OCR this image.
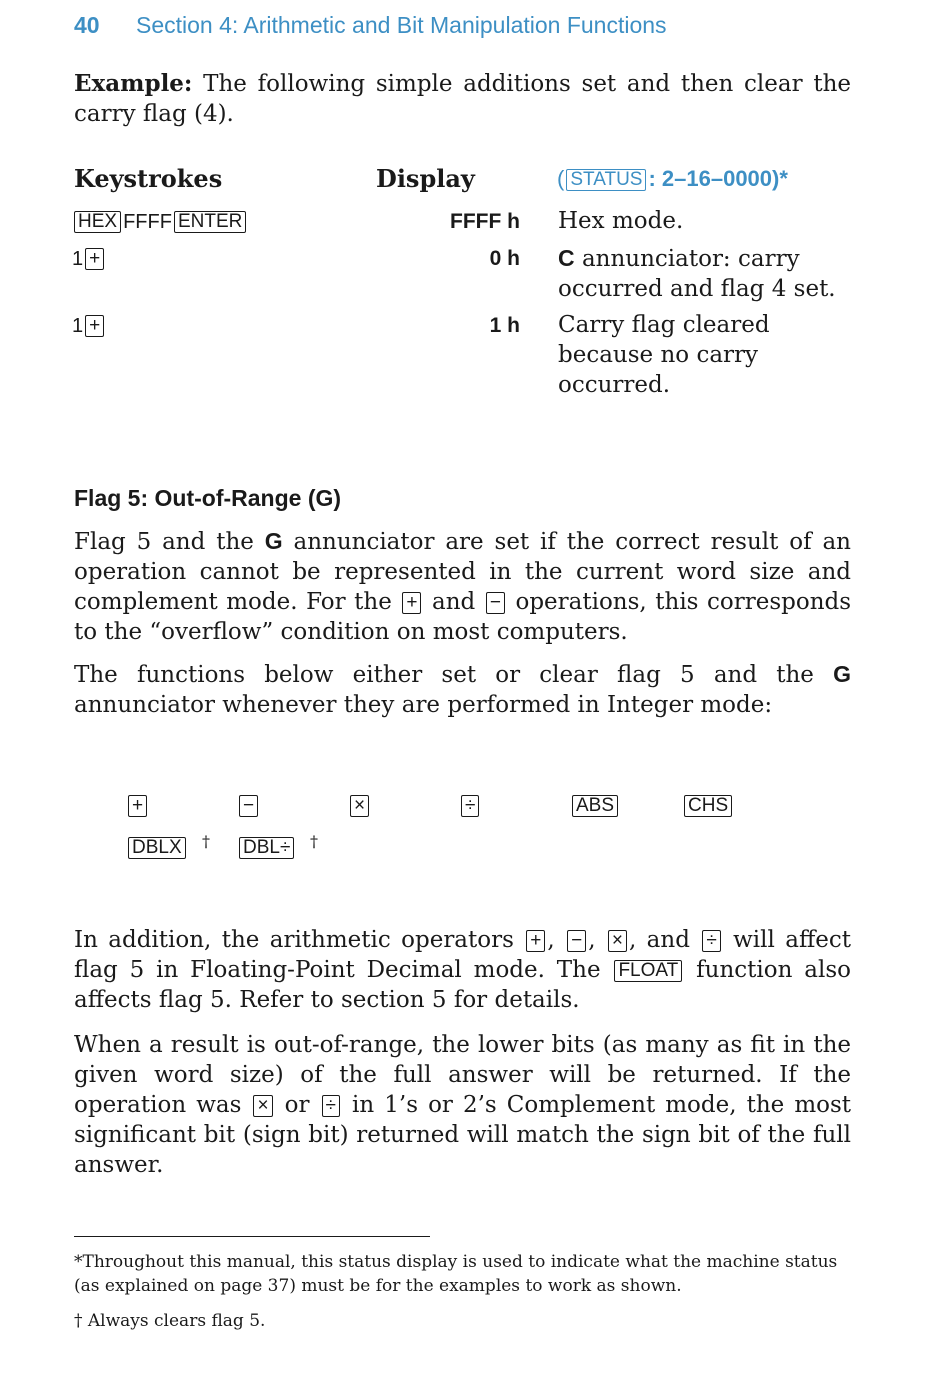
40 Section 4: Arithmetic and Bit Manipulation Functions
Example: The following simple additions set and then clear the carry flag (4).
Keystrokes	Display	( STATUS : 2–16–0000)*
HEX FFFF ENTER	FFFF h Hex mode.
1 +	0 h C annunciator: carry occurred and flag 4 set.
1 +	1 h Carry flag cleared because no carry occurred.
Flag 5: Out-of-Range (G)
Flag 5 and the G annunciator are set if the correct result of an operation cannot be represented in the current word size and complement mode. For the + and − operations, this corresponds to the “overflow” condition on most computers.
The functions below either set or clear flag 5 and the G annunciator whenever they are performed in Integer mode:
+	−	×	÷	ABS	CHS
DBLX † DBL÷ †
In addition, the arithmetic operators + , − , × , and ÷ will affect flag 5 in Floating-Point Decimal mode. The FLOAT function also affects flag 5. Refer to section 5 for details.
When a result is out-of-range, the lower bits (as many as fit in the given word size) of the full answer will be returned. If the operation was × or ÷ in 1’s or 2’s Complement mode, the most significant bit (sign bit) returned will match the sign bit of the full answer.
*Throughout this manual, this status display is used to indicate what the machine status (as explained on page 37) must be for the examples to work as shown.
† Always clears flag 5.
